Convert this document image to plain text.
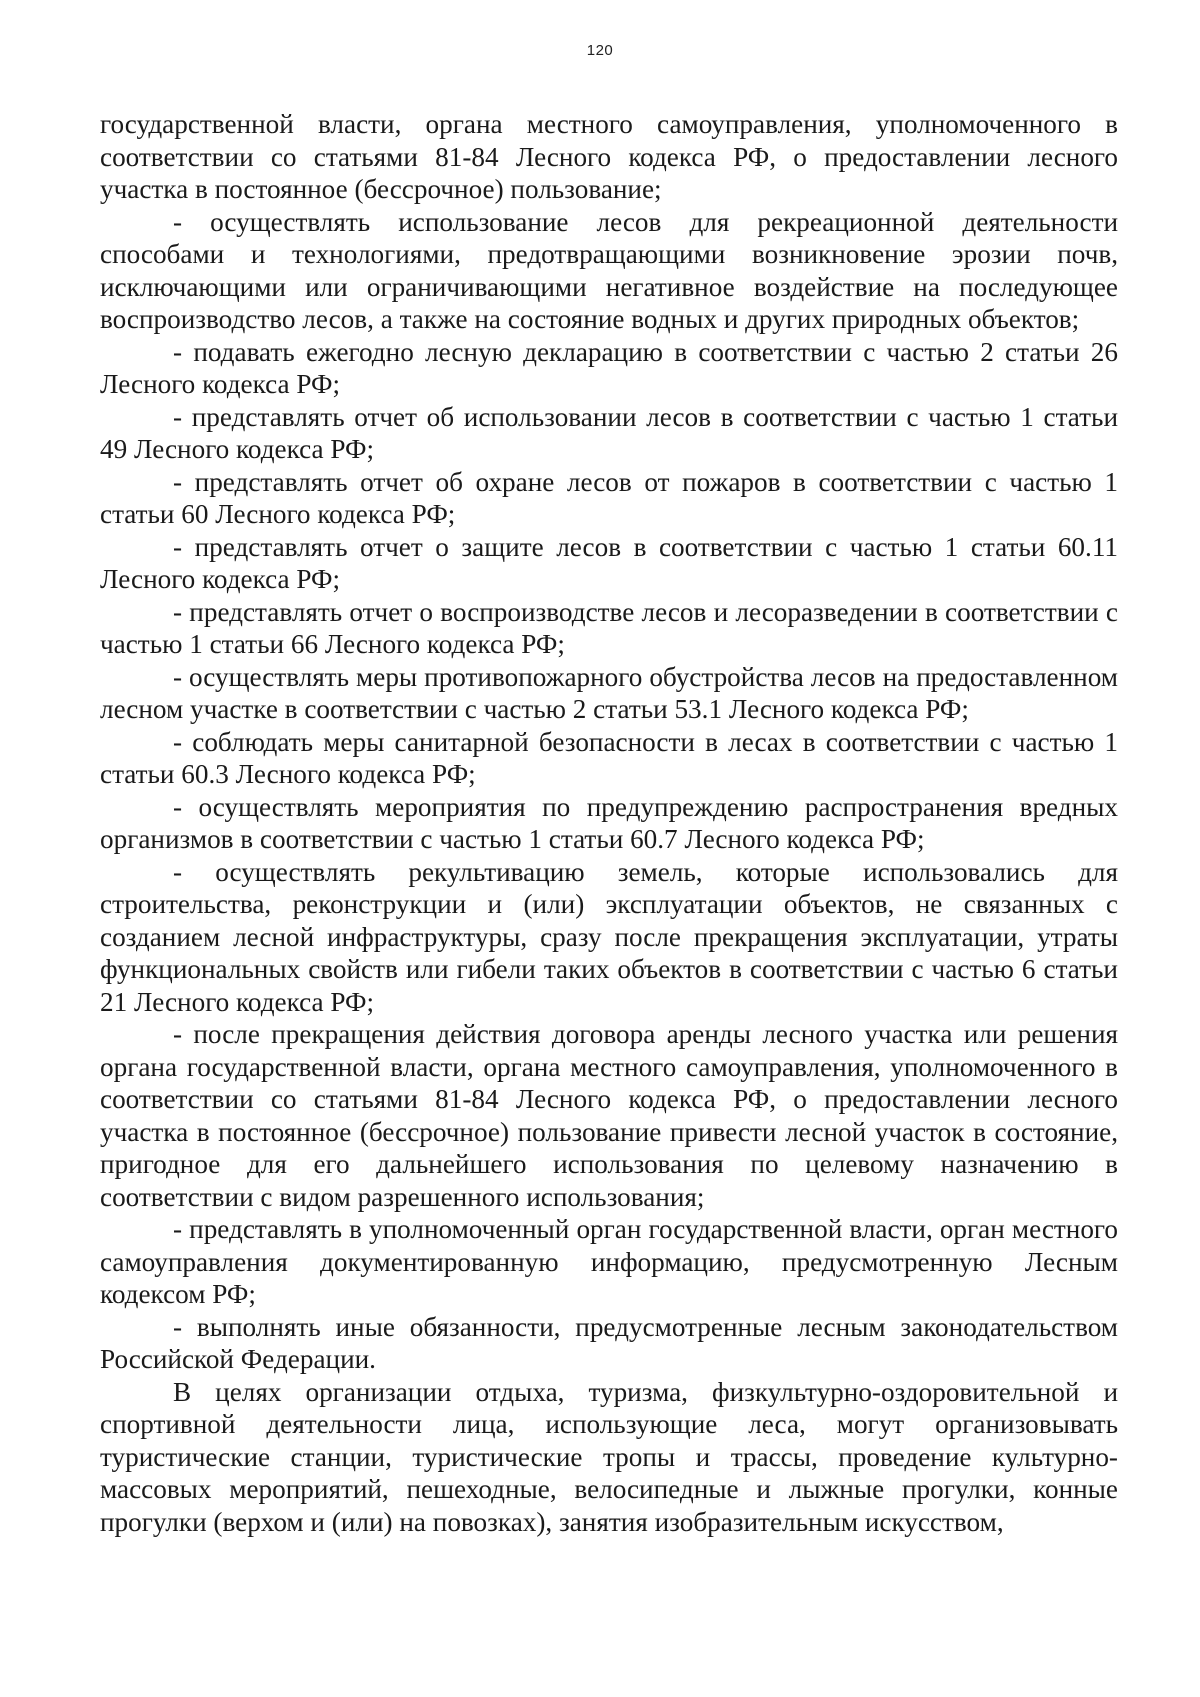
120

государственной власти, органа местного самоуправления, уполномоченного в соответствии со статьями 81-84 Лесного кодекса РФ, о предоставлении лесного участка в постоянное (бессрочное) пользование;

- осуществлять использование лесов для рекреационной деятельности способами и технологиями, предотвращающими возникновение эрозии почв, исключающими или ограничивающими негативное воздействие на последующее воспроизводство лесов, а также на состояние водных и других природных объектов;

- подавать ежегодно лесную декларацию в соответствии с частью 2 статьи 26 Лесного кодекса РФ;

- представлять отчет об использовании лесов в соответствии с частью 1 статьи 49 Лесного кодекса РФ;

- представлять отчет об охране лесов от пожаров в соответствии с частью 1 статьи 60 Лесного кодекса РФ;

- представлять отчет о защите лесов в соответствии с частью 1 статьи 60.11 Лесного кодекса РФ;

- представлять отчет о воспроизводстве лесов и лесоразведении в соответствии с частью 1 статьи 66 Лесного кодекса РФ;

- осуществлять меры противопожарного обустройства лесов на предоставленном лесном участке в соответствии с частью 2 статьи 53.1 Лесного кодекса РФ;

- соблюдать меры санитарной безопасности в лесах в соответствии с частью 1 статьи 60.3 Лесного кодекса РФ;

- осуществлять мероприятия по предупреждению распространения вредных организмов в соответствии с частью 1 статьи 60.7 Лесного кодекса РФ;

- осуществлять рекультивацию земель, которые использовались для строительства, реконструкции и (или) эксплуатации объектов, не связанных с созданием лесной инфраструктуры, сразу после прекращения эксплуатации, утраты функциональных свойств или гибели таких объектов в соответствии с частью 6 статьи 21 Лесного кодекса РФ;

- после прекращения действия договора аренды лесного участка или решения органа государственной власти, органа местного самоуправления, уполномоченного в соответствии со статьями 81-84 Лесного кодекса РФ, о предоставлении лесного участка в постоянное (бессрочное) пользование привести лесной участок в состояние, пригодное для его дальнейшего использования по целевому назначению в соответствии с видом разрешенного использования;

- представлять в уполномоченный орган государственной власти, орган местного самоуправления документированную информацию, предусмотренную Лесным кодексом РФ;

- выполнять иные обязанности, предусмотренные лесным законодательством Российской Федерации.

В целях организации отдыха, туризма, физкультурно-оздоровительной и спортивной деятельности лица, использующие леса, могут организовывать туристические станции, туристические тропы и трассы, проведение культурно-массовых мероприятий, пешеходные, велосипедные и лыжные прогулки, конные прогулки (верхом и (или) на повозках), занятия изобразительным искусством,
